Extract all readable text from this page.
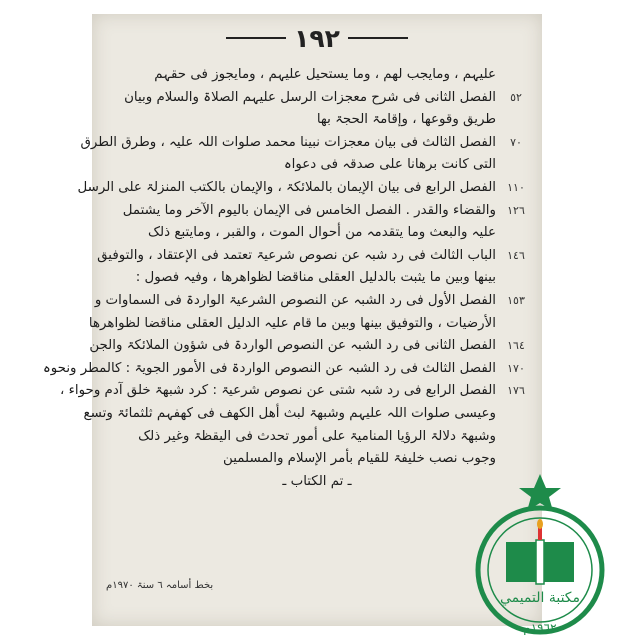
١٩٢
علیہم ، ومایجب لھم ، وما یستحیل علیہم ، ومایجوز فی حقہم
٥٢
الفصل الثانی فی شرح معجزات الرسل علیہم الصلاۃ والسلام وبیان
طریق وقوعھا ، وإقامۃ الحجۃ بھا
٧٠
الفصل الثالث فی بیان معجزات نبینا محمد صلوات اللہ علیہ ، وطرق الطرق
التی کانت برھانا علی صدقہ فی دعواہ
١١٠
الفصل الرابع فی بیان الإیمان بالملائکۃ ، والإیمان بالکتب المنزلۃ علی الرسل
١٢٦
والقضاء والقدر . الفصل الخامس فی الإیمان بالیوم الآخر وما یشتمل
علیہ والبعث وما یتقدمہ من أحوال الموت ، والقبر ، ومایتبع ذلک
١٤٦
الباب الثالث فی رد شبہ عن نصوص شرعیۃ تعتمد فی الإعتقاد ، والتوفیق
بینھا وبین ما یثبت بالدلیل العقلی مناقضا لظواھرھا ، وفیہ فصول :
١٥٣
الفصل الأول فی رد الشبہ عن النصوص الشرعیۃ الواردۃ فی السماوات و
الأرضیات ، والتوفیق بینھا وبین ما قام علیہ الدلیل العقلی مناقضا لظواھرھا
١٦٤
الفصل الثانی فی رد الشبہ عن النصوص الواردۃ فی شؤون الملائکۃ والجن
١٧٠
الفصل الثالث فی رد الشبہ عن النصوص الواردۃ فی الأمور الجویۃ : کالمطر ونحوہ
١٧٦
الفصل الرابع فی رد شبہ شتی عن نصوص شرعیۃ : کرد شبھۃ خلق آدم وحواء ،
وعیسی صلوات اللہ علیہم وشبھۃ لبث أھل الکھف فی کھفہم ثلثمائۃ وتسع
وشبھۃ دلالۃ الرؤیا المنامیۃ علی أمور تحدث فی الیقظۃ وغیر ذلک
وجوب نصب خلیفۃ للقیام بأمر الإسلام والمسلمین
ـ تم الکتاب ـ
بخط أسامہ ٦ سنۃ ١٩٧٠م
مكتبة التميمي
١٩٦٢م
